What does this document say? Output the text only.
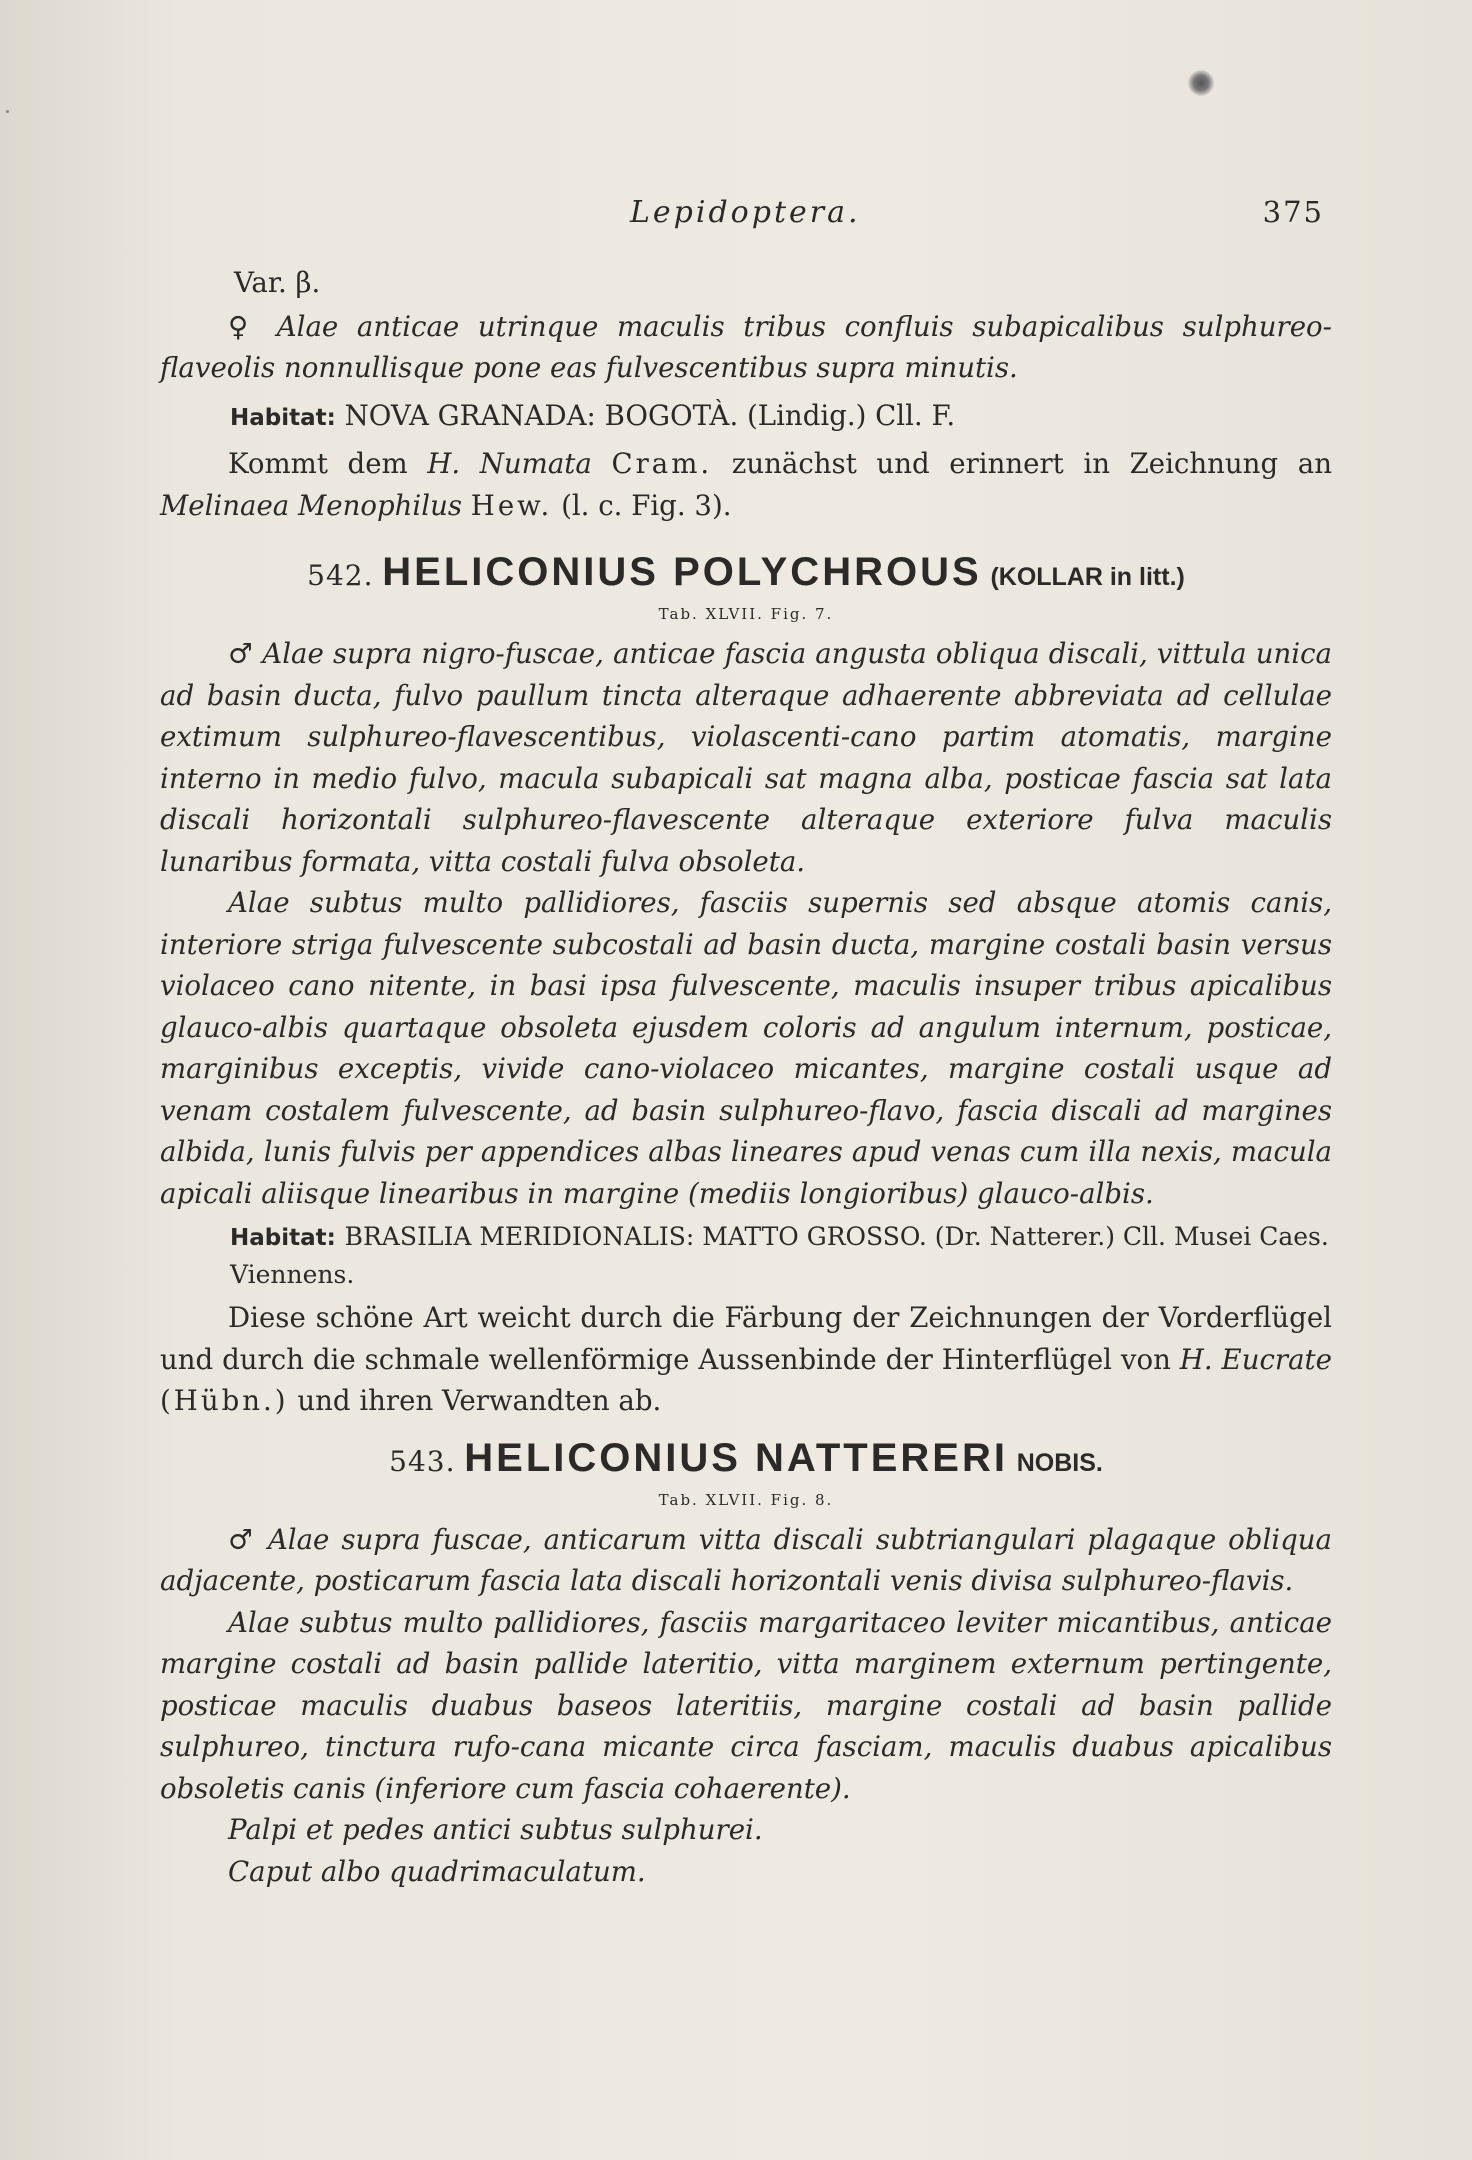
Lepidoptera.	375

Var. β.

♀ Alae anticae utrinque maculis tribus confluis subapicalibus sulphureo-flaveolis nonnullisque pone eas fulvescentibus supra minutis.

Habitat: NOVA GRANADA: BOGOTÀ. (Lindig.) Cll. F.

Kommt dem H. Numata Cram. zunächst und erinnert in Zeichnung an Melinaea Menophilus Hew. (l. c. Fig. 3).

542. HELICONIUS POLYCHROUS (KOLLAR in litt.)

Tab. XLVII. Fig. 7.

♂ Alae supra nigro-fuscae, anticae fascia angusta obliqua discali, vittula unica ad basin ducta, fulvo paullum tincta alteraque adhaerente abbreviata ad cellulae extimum sulphureo-flavescentibus, violascenti-cano partim atomatis, margine interno in medio fulvo, macula subapicali sat magna alba, posticae fascia sat lata discali horizontali sulphureo-flavescente alteraque exteriore fulva maculis lunaribus formata, vitta costali fulva obsoleta.

Alae subtus multo pallidiores, fasciis supernis sed absque atomis canis, interiore striga fulvescente subcostali ad basin ducta, margine costali basin versus violaceo cano nitente, in basi ipsa fulvescente, maculis insuper tribus apicalibus glauco-albis quartaque obsoleta ejusdem coloris ad angulum internum, posticae, marginibus exceptis, vivide cano-violaceo micantes, margine costali usque ad venam costalem fulvescente, ad basin sulphureo-flavo, fascia discali ad margines albida, lunis fulvis per appendices albas lineares apud venas cum illa nexis, macula apicali aliisque linearibus in margine (mediis longioribus) glauco-albis.

Habitat: BRASILIA MERIDIONALIS: MATTO GROSSO. (Dr. Natterer.) Cll. Musei Caes. Viennens.

Diese schöne Art weicht durch die Färbung der Zeichnungen der Vorderflügel und durch die schmale wellenförmige Aussenbinde der Hinterflügel von H. Eucrate (Hübn.) und ihren Verwandten ab.

543. HELICONIUS NATTERERI NOBIS.

Tab. XLVII. Fig. 8.

♂ Alae supra fuscae, anticarum vitta discali subtriangulari plagaque obliqua adjacente, posticarum fascia lata discali horizontali venis divisa sulphureo-flavis.

Alae subtus multo pallidiores, fasciis margaritaceo leviter micantibus, anticae margine costali ad basin pallide lateritio, vitta marginem externum pertingente, posticae maculis duabus baseos lateritiis, margine costali ad basin pallide sulphureo, tinctura rufo-cana micante circa fasciam, maculis duabus apicalibus obsoletis canis (inferiore cum fascia cohaerente).

Palpi et pedes antici subtus sulphurei.

Caput albo quadrimaculatum.
